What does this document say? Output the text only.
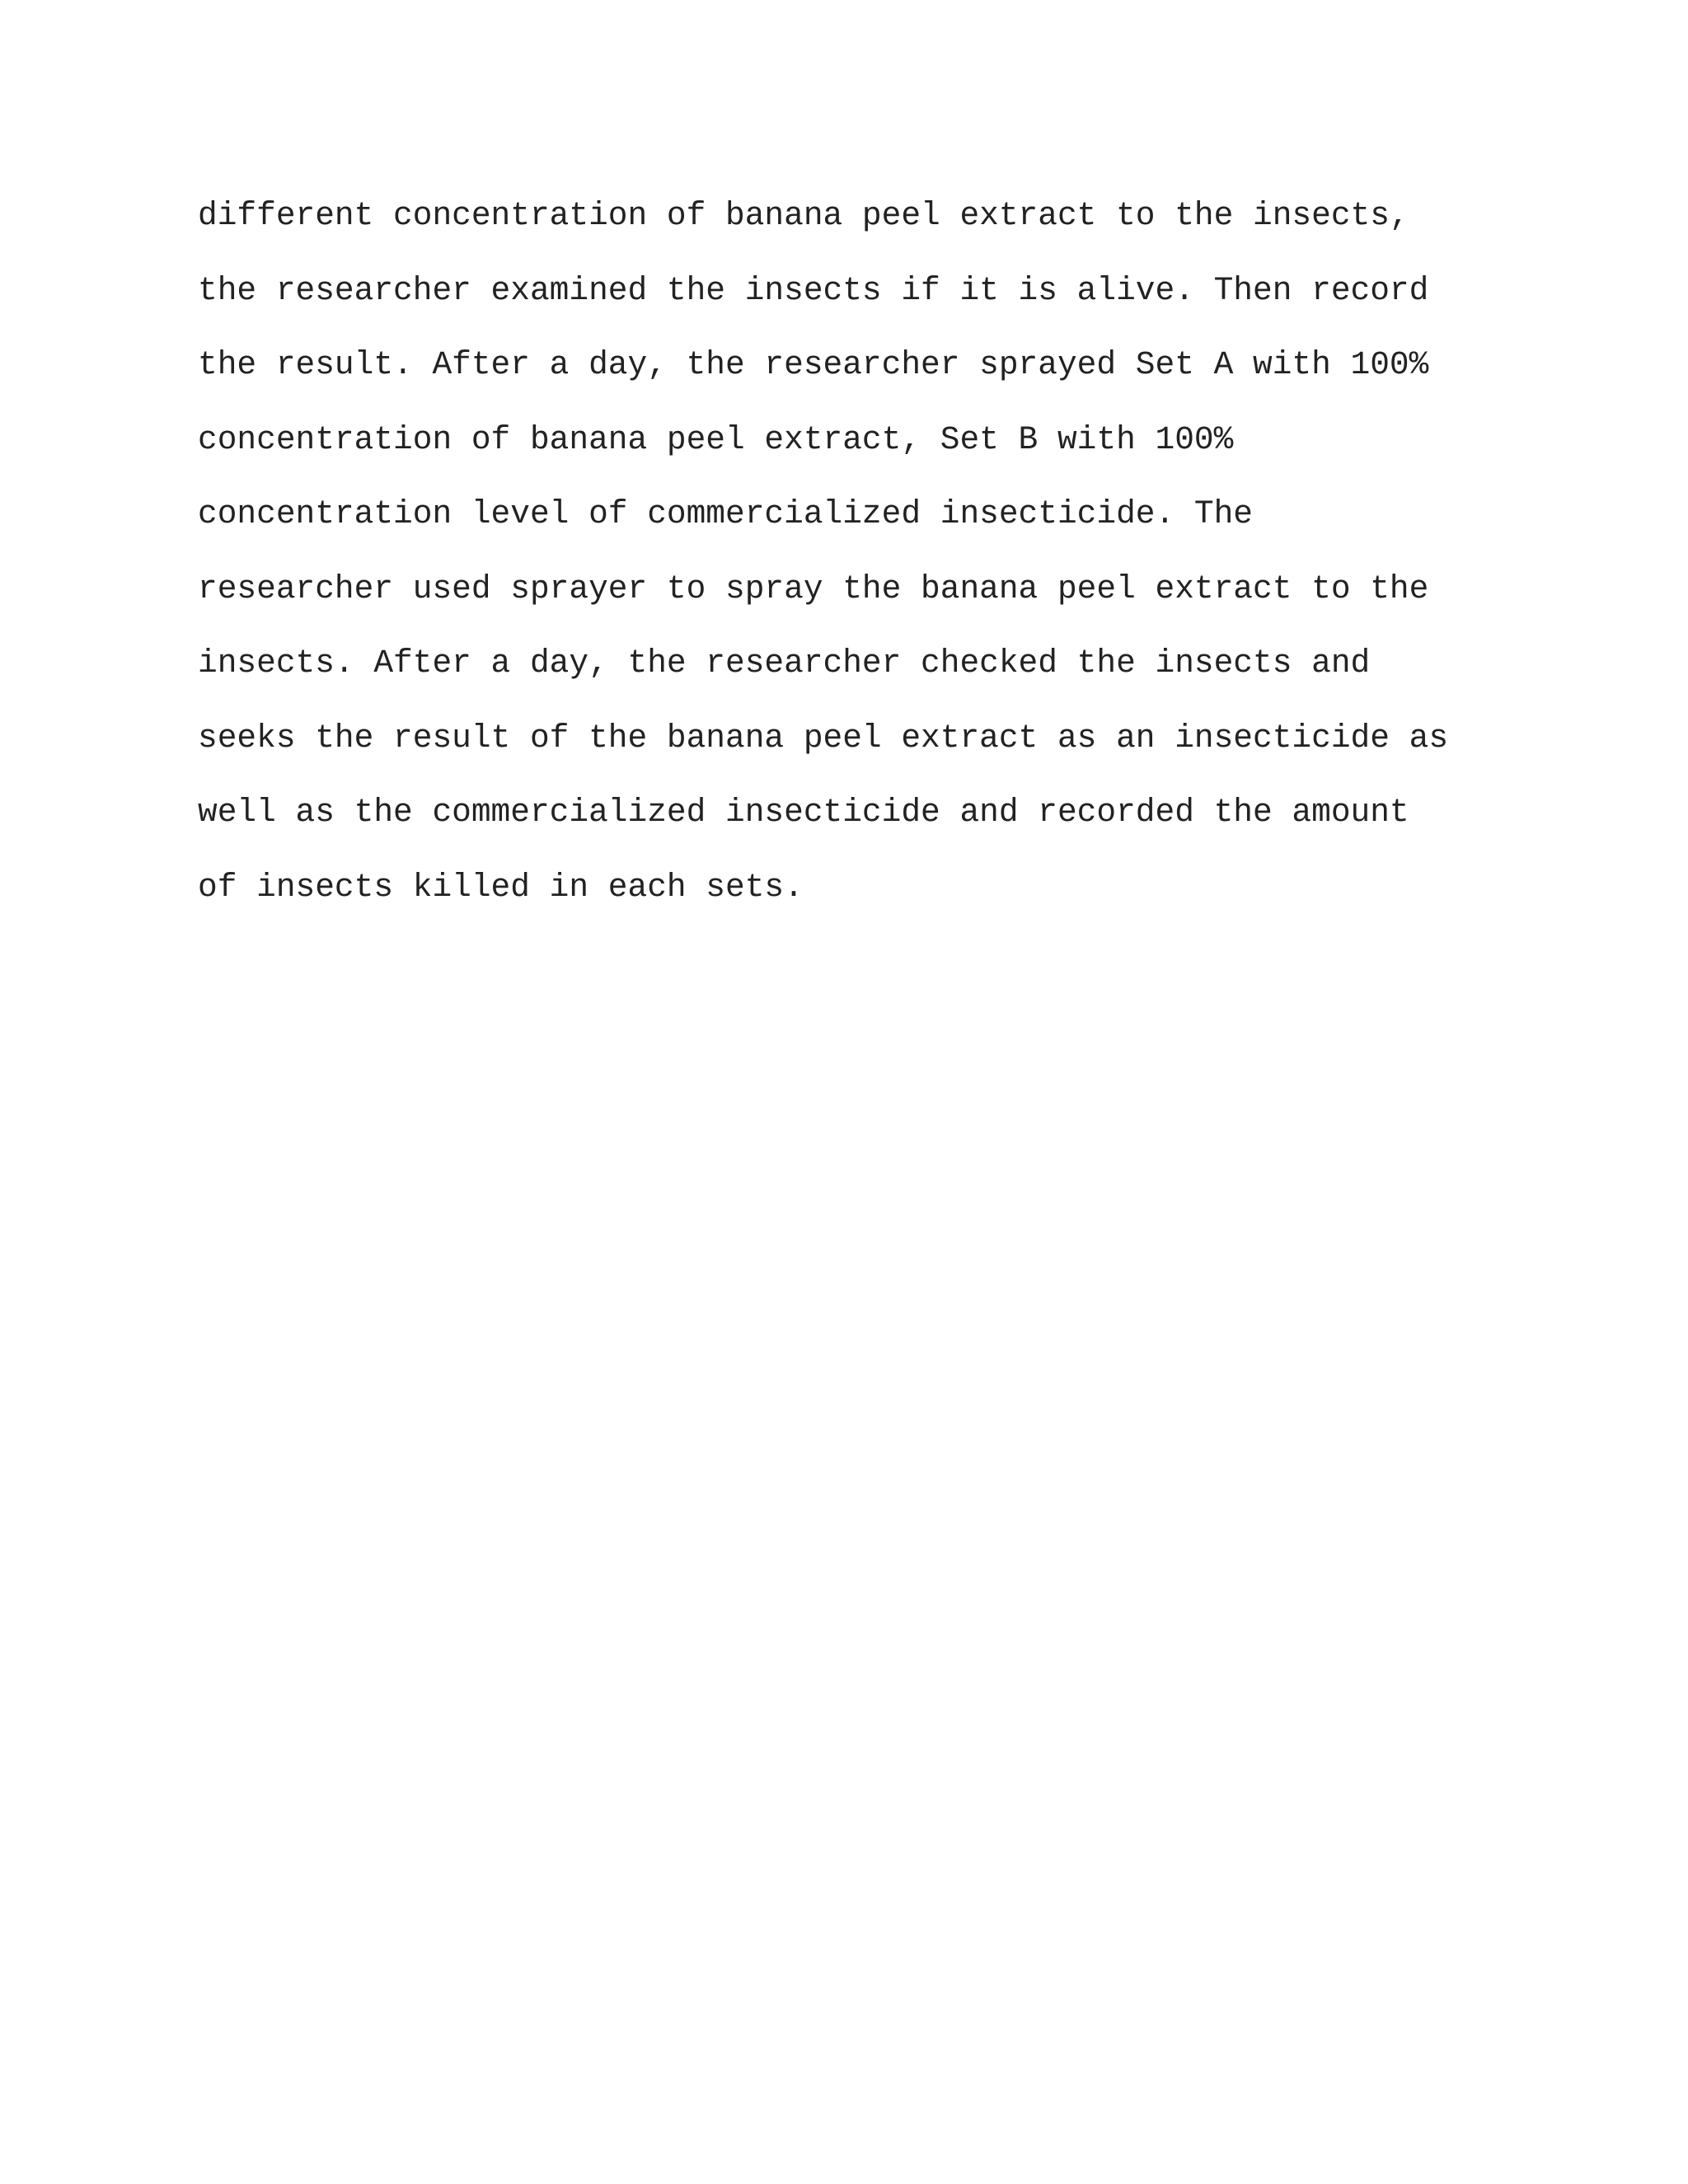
different concentration of banana peel extract to the insects,
the researcher examined the insects if it is alive. Then record
the result. After a day, the researcher sprayed Set A with 100%
concentration of banana peel extract, Set B with 100%
concentration level of commercialized insecticide. The
researcher used sprayer to spray the banana peel extract to the
insects. After a day, the researcher checked the insects and
seeks the result of the banana peel extract as an insecticide as
well as the commercialized insecticide and recorded the amount
of insects killed in each sets.
